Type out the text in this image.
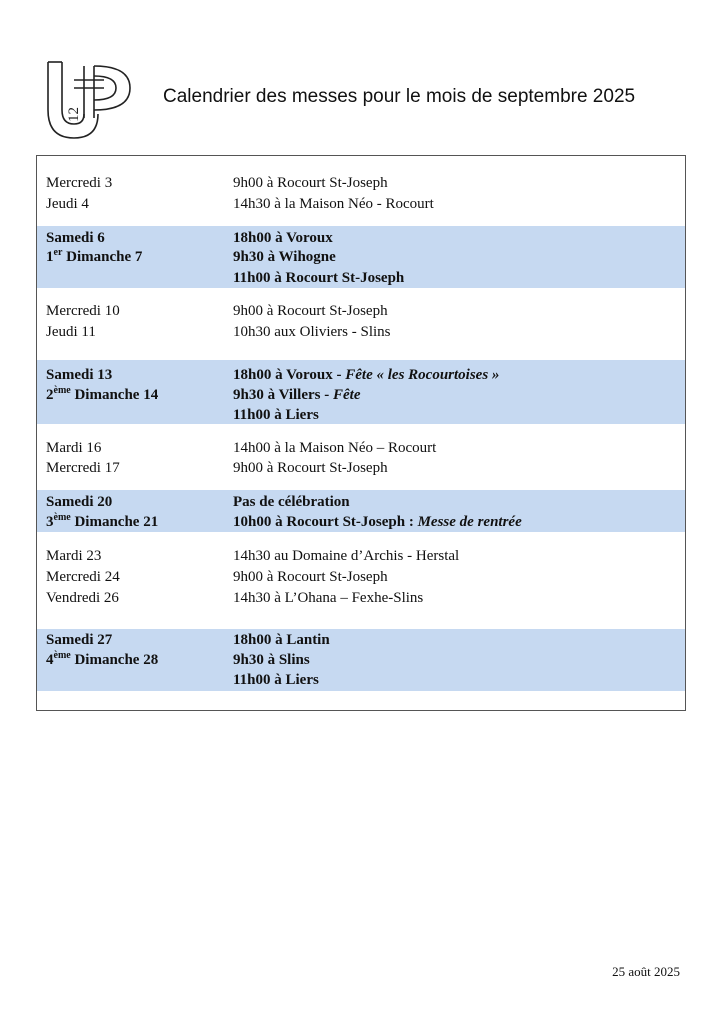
12
Calendrier des messes pour le mois de septembre 2025
Mercredi 3	9h00 à Rocourt St-Joseph
Jeudi 4	14h30 à la Maison Néo - Rocourt
Samedi 6	18h00 à Voroux
1er Dimanche 7	9h30 à Wihogne
11h00 à Rocourt St-Joseph
Mercredi 10	9h00 à Rocourt St-Joseph
Jeudi 11	10h30 aux Oliviers - Slins
Samedi 13	18h00 à Voroux - Fête « les Rocourtoises »
2ème Dimanche 14	9h30 à Villers - Fête
11h00 à Liers
Mardi 16	14h00 à la Maison Néo – Rocourt
Mercredi 17	9h00 à Rocourt St-Joseph
Samedi 20	Pas de célébration
3ème Dimanche 21	10h00 à Rocourt St-Joseph : Messe de rentrée
Mardi 23	14h30 au Domaine d’Archis - Herstal
Mercredi 24	9h00 à Rocourt St-Joseph
Vendredi 26	14h30 à L’Ohana – Fexhe-Slins
Samedi 27	18h00 à Lantin
4ème Dimanche 28	9h30 à Slins
11h00 à Liers
25 août 2025
